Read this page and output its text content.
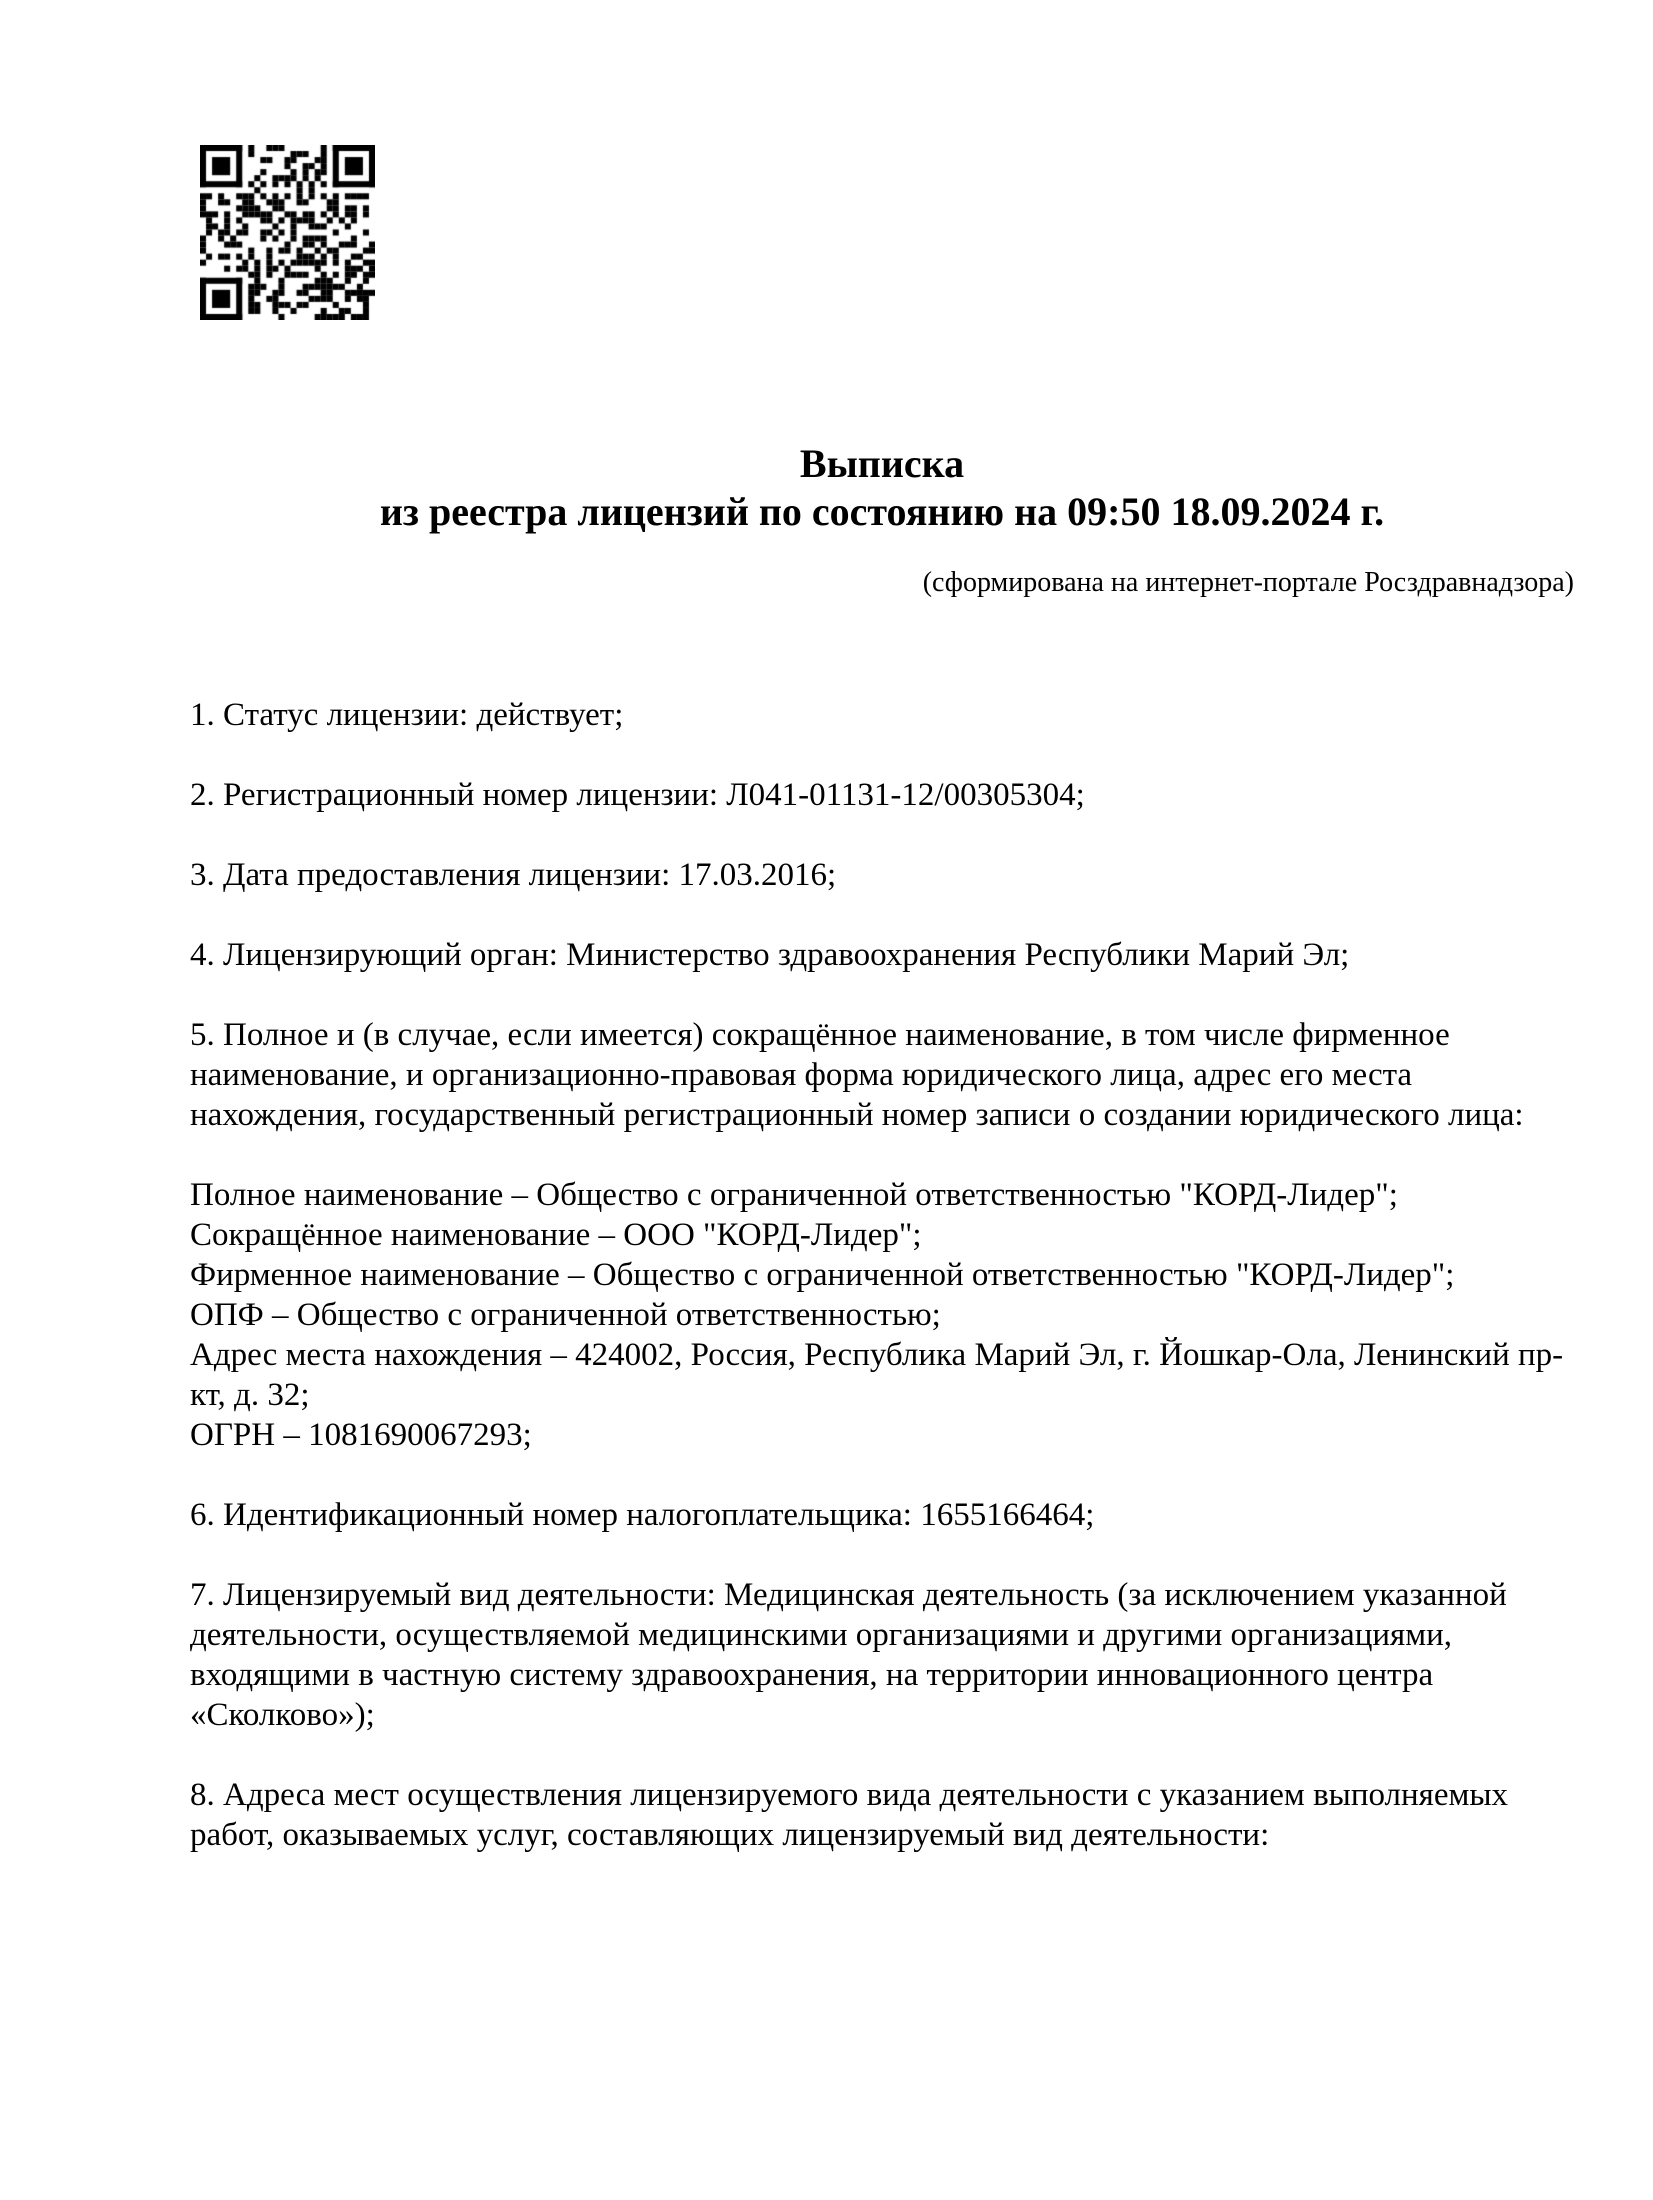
Выписка
из реестра лицензий по состоянию на 09:50 18.09.2024 г.
(сформирована на интернет-портале Росздравнадзора)

1. Статус лицензии: действует;

2. Регистрационный номер лицензии: Л041-01131-12/00305304;

3. Дата предоставления лицензии: 17.03.2016;

4. Лицензирующий орган: Министерство здравоохранения Республики Марий Эл;

5. Полное и (в случае, если имеется) сокращённое наименование, в том числе фирменное наименование, и организационно-правовая форма юридического лица, адрес его места нахождения, государственный регистрационный номер записи о создании юридического лица:

Полное наименование – Общество с ограниченной ответственностью "КОРД-Лидер";
Сокращённое наименование – ООО "КОРД-Лидер";
Фирменное наименование – Общество с ограниченной ответственностью "КОРД-Лидер";
ОПФ – Общество с ограниченной ответственностью;
Адрес места нахождения – 424002, Россия, Республика Марий Эл, г. Йошкар-Ола, Ленинский пр-кт, д. 32;
ОГРН – 1081690067293;

6. Идентификационный номер налогоплательщика: 1655166464;

7. Лицензируемый вид деятельности: Медицинская деятельность (за исключением указанной деятельности, осуществляемой медицинскими организациями и другими организациями, входящими в частную систему здравоохранения, на территории инновационного центра «Сколково»);

8. Адреса мест осуществления лицензируемого вида деятельности с указанием выполняемых работ, оказываемых услуг, составляющих лицензируемый вид деятельности:
